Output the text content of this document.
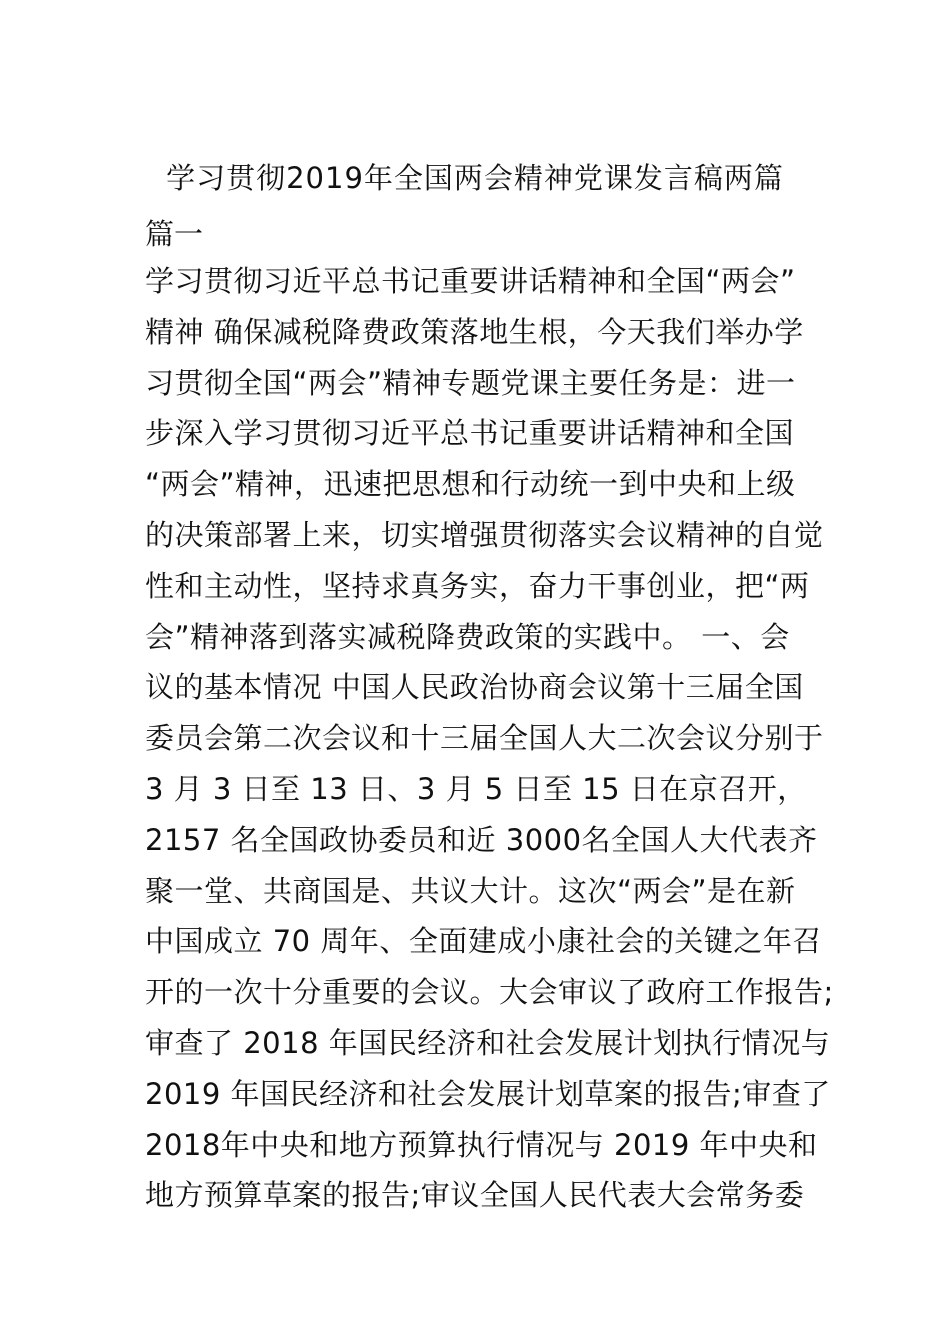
学习贯彻2019年全国两会精神党课发言稿两篇
篇一
学习贯彻习近平总书记重要讲话精神和全国“两会”
精神 确保减税降费政策落地生根，今天我们举办学
习贯彻全国“两会”精神专题党课主要任务是：进一
步深入学习贯彻习近平总书记重要讲话精神和全国
“两会”精神，迅速把思想和行动统一到中央和上级
的决策部署上来，切实增强贯彻落实会议精神的自觉
性和主动性，坚持求真务实，奋力干事创业，把“两
会”精神落到落实减税降费政策的实践中。 一、会
议的基本情况 中国人民政治协商会议第十三届全国
委员会第二次会议和十三届全国人大二次会议分别于
3 月 3 日至 13 日、3 月 5 日至 15 日在京召开，
2157 名全国政协委员和近 3000名全国人大代表齐
聚一堂、共商国是、共议大计。这次“两会”是在新
中国成立 70 周年、全面建成小康社会的关键之年召
开的一次十分重要的会议。大会审议了政府工作报告;
审查了 2018 年国民经济和社会发展计划执行情况与
2019 年国民经济和社会发展计划草案的报告;审查了
2018年中央和地方预算执行情况与 2019 年中央和
地方预算草案的报告;审议全国人民代表大会常务委
